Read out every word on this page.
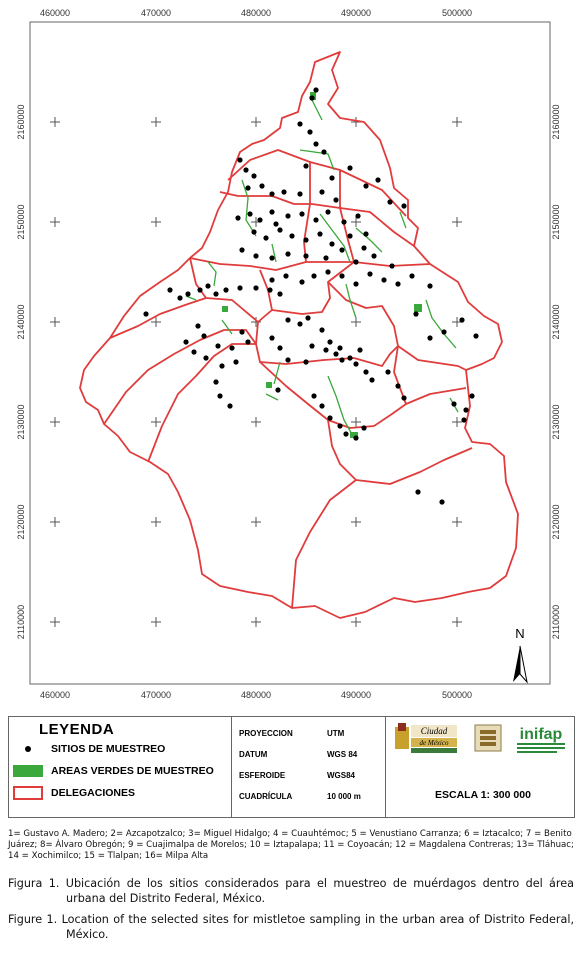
460000	470000	480000	490000	500000
460000	470000	480000	490000	500000
2160000
2150000
2140000
2130000
2120000
2110000
2160000
2150000
2140000
2130000
2120000
2110000
N
LEYENDA
SITIOS DE MUESTREO
AREAS VERDES DE MUESTREO
DELEGACIONES
PROYECCION	UTM
DATUM	WGS 84
ESFEROIDE	WGS84
CUADRÍCULA	10 000 m
Ciudad
de México	inifap
ESCALA 1: 300 000
1= Gustavo A. Madero; 2= Azcapotzalco; 3= Miguel Hidalgo; 4 = Cuauhtémoc; 5 = Venustiano Carranza; 6 = Iztacalco; 7 = Benito Juárez; 8= Álvaro Obregón; 9 = Cuajimalpa de Morelos; 10 = Iztapalapa; 11 = Coyoacán; 12 = Magdalena Contreras; 13= Tláhuac; 14 = Xochimilco; 15 = Tlalpan; 16= Milpa Alta
Figura 1. Ubicación de los sitios considerados para el muestreo de muérdagos dentro del área urbana del Distrito Federal, México.
Figure 1. Location of the selected sites for mistletoe sampling in the urban area of Distrito Federal, México.
